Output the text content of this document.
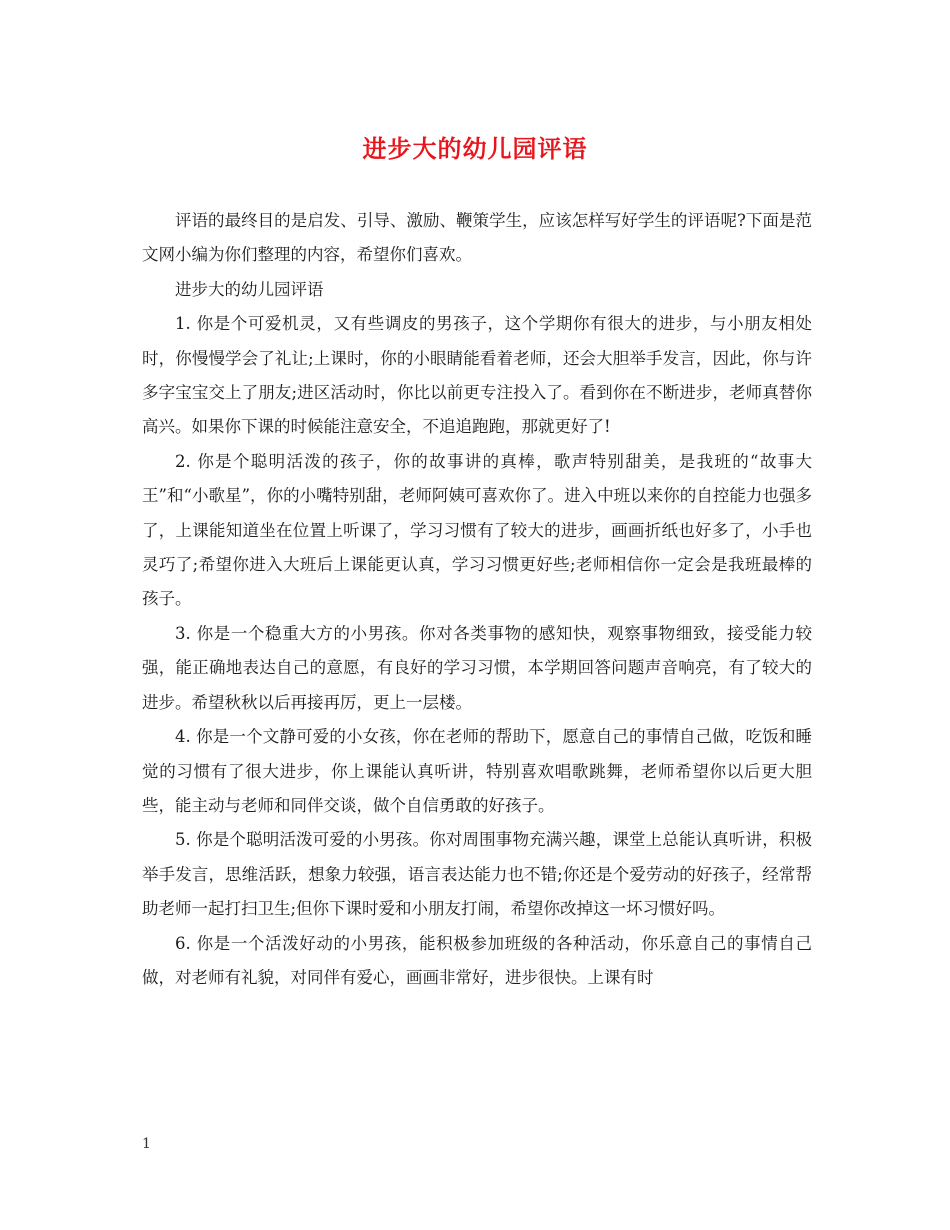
进步大的幼儿园评语

评语的最终目的是启发、引导、激励、鞭策学生，应该怎样写好学生的评语呢?下面是范文网小编为你们整理的内容，希望你们喜欢。

进步大的幼儿园评语

1. 你是个可爱机灵，又有些调皮的男孩子，这个学期你有很大的进步，与小朋友相处时，你慢慢学会了礼让;上课时，你的小眼睛能看着老师，还会大胆举手发言，因此，你与许多字宝宝交上了朋友;进区活动时，你比以前更专注投入了。看到你在不断进步，老师真替你高兴。如果你下课的时候能注意安全，不追追跑跑，那就更好了!

2. 你是个聪明活泼的孩子，你的故事讲的真棒，歌声特别甜美，是我班的“故事大王”和“小歌星”，你的小嘴特别甜，老师阿姨可喜欢你了。进入中班以来你的自控能力也强多了，上课能知道坐在位置上听课了，学习习惯有了较大的进步，画画折纸也好多了，小手也灵巧了;希望你进入大班后上课能更认真，学习习惯更好些;老师相信你一定会是我班最棒的孩子。

3. 你是一个稳重大方的小男孩。你对各类事物的感知快，观察事物细致，接受能力较强，能正确地表达自己的意愿，有良好的学习习惯，本学期回答问题声音响亮，有了较大的进步。希望秋秋以后再接再厉，更上一层楼。

4. 你是一个文静可爱的小女孩，你在老师的帮助下，愿意自己的事情自己做，吃饭和睡觉的习惯有了很大进步，你上课能认真听讲，特别喜欢唱歌跳舞，老师希望你以后更大胆些，能主动与老师和同伴交谈，做个自信勇敢的好孩子。

5. 你是个聪明活泼可爱的小男孩。你对周围事物充满兴趣，课堂上总能认真听讲，积极举手发言，思维活跃，想象力较强，语言表达能力也不错;你还是个爱劳动的好孩子，经常帮助老师一起打扫卫生;但你下课时爱和小朋友打闹，希望你改掉这一坏习惯好吗。

6. 你是一个活泼好动的小男孩，能积极参加班级的各种活动，你乐意自己的事情自己做，对老师有礼貌，对同伴有爱心，画画非常好，进步很快。上课有时

1
